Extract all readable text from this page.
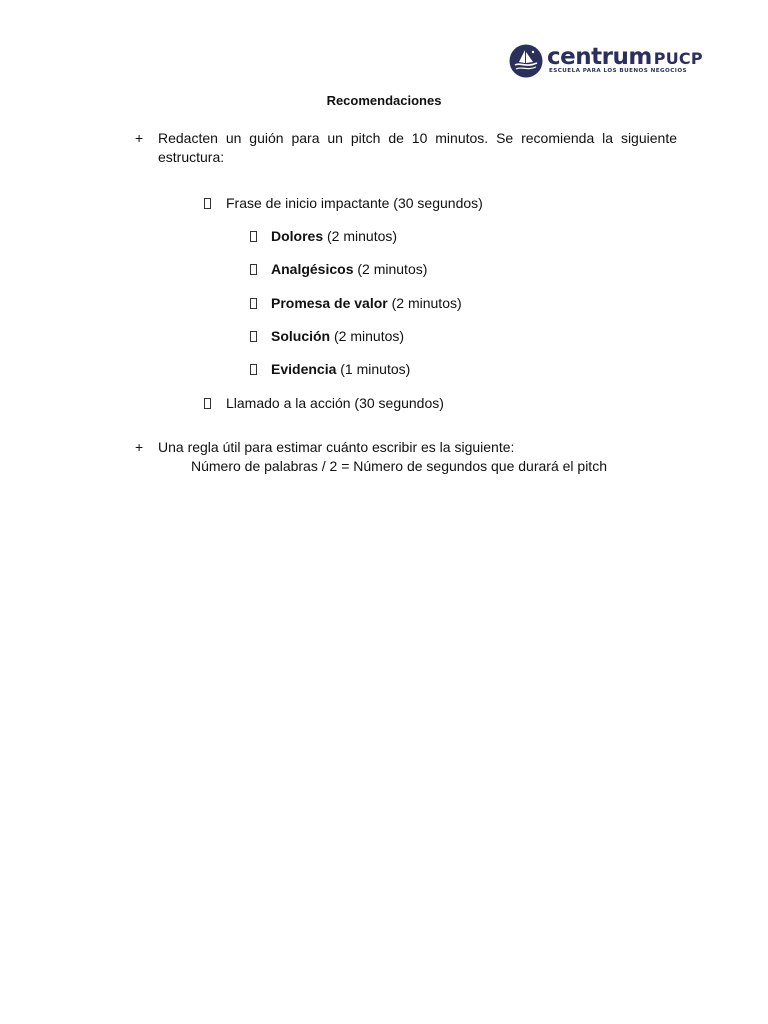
centrum PUCP
ESCUELA PARA LOS BUENOS NEGOCIOS
Recomendaciones
+ Redacten un guión para un pitch de 10 minutos. Se recomienda la siguiente estructura:
Frase de inicio impactante (30 segundos)
Dolores (2 minutos)
Analgésicos (2 minutos)
Promesa de valor (2 minutos)
Solución (2 minutos)
Evidencia (1 minutos)
Llamado a la acción (30 segundos)
+ Una regla útil para estimar cuánto escribir es la siguiente:
Número de palabras / 2 = Número de segundos que durará el pitch
